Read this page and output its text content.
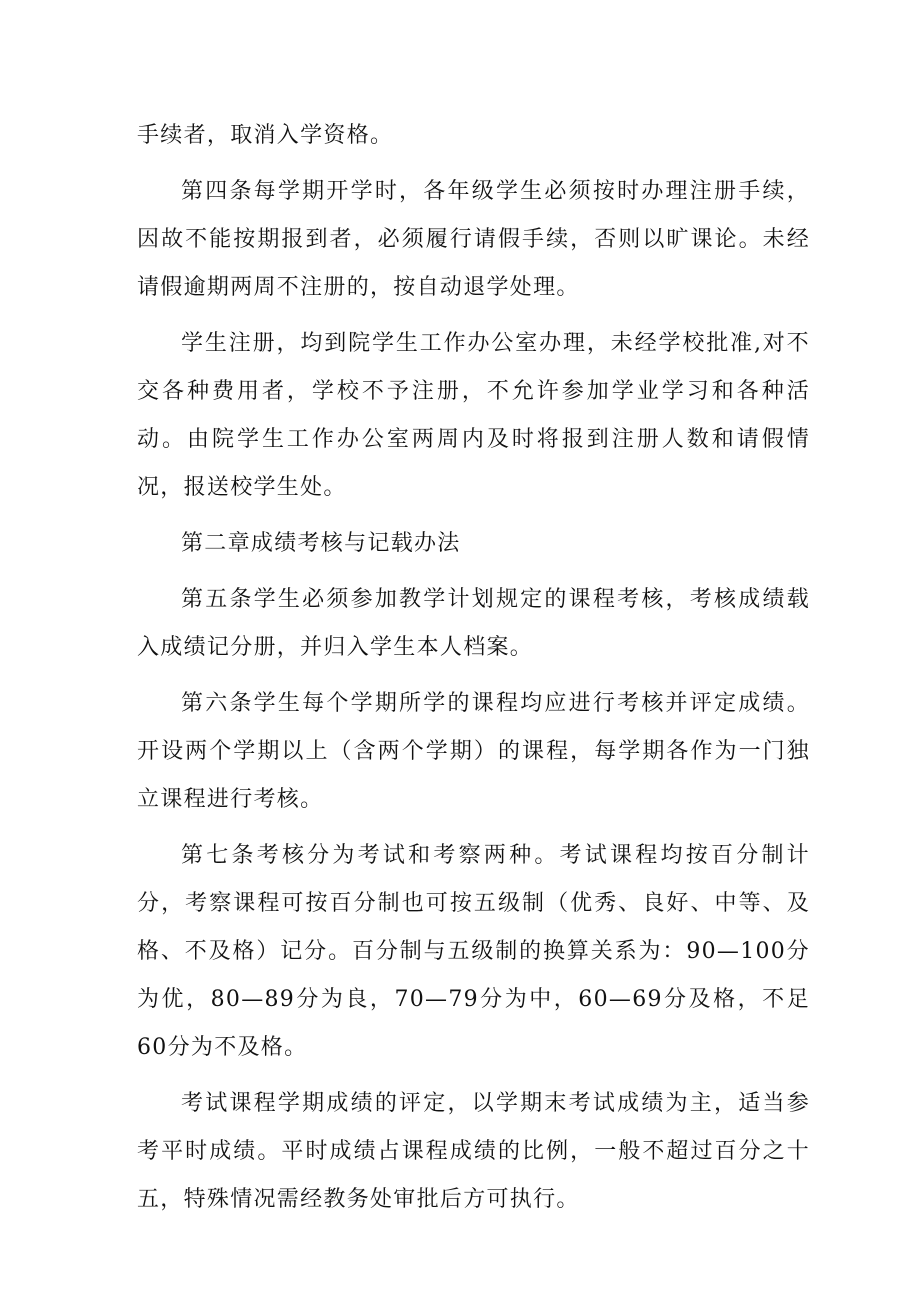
手续者，取消入学资格。

第四条每学期开学时，各年级学生必须按时办理注册手续，因故不能按期报到者，必须履行请假手续，否则以旷课论。未经请假逾期两周不注册的，按自动退学处理。

学生注册，均到院学生工作办公室办理，未经学校批准,对不交各种费用者，学校不予注册，不允许参加学业学习和各种活动。由院学生工作办公室两周内及时将报到注册人数和请假情况，报送校学生处。

第二章成绩考核与记载办法

第五条学生必须参加教学计划规定的课程考核，考核成绩载入成绩记分册，并归入学生本人档案。

第六条学生每个学期所学的课程均应进行考核并评定成绩。开设两个学期以上（含两个学期）的课程，每学期各作为一门独立课程进行考核。

第七条考核分为考试和考察两种。考试课程均按百分制计分，考察课程可按百分制也可按五级制（优秀、良好、中等、及格、不及格）记分。百分制与五级制的换算关系为：90—100分为优，80—89分为良，70—79分为中，60—69分及格，不足60分为不及格。

考试课程学期成绩的评定，以学期末考试成绩为主，适当参考平时成绩。平时成绩占课程成绩的比例，一般不超过百分之十五，特殊情况需经教务处审批后方可执行。
